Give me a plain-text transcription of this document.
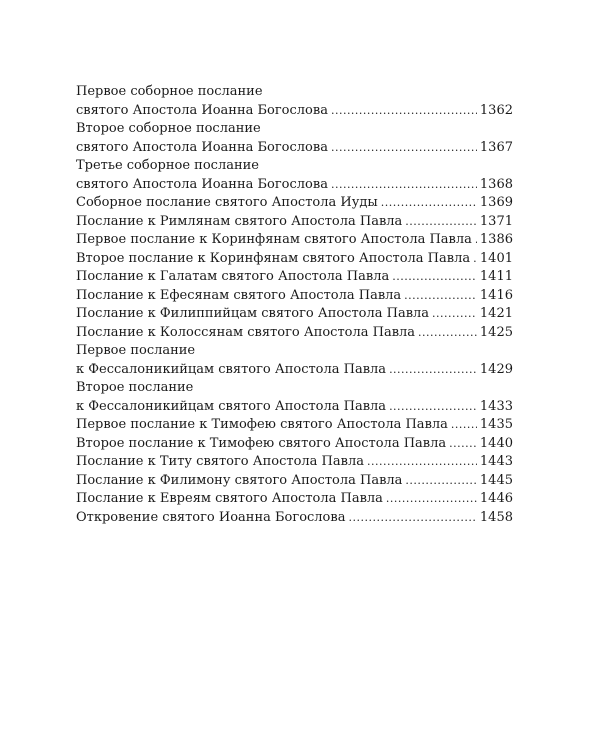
Первое соборное послание
святого Апостола Иоанна Богослова .....	1362
Второе соборное послание
святого Апостола Иоанна Богослова .....	1367
Третье соборное послание
святого Апостола Иоанна Богослова .....	1368
Соборное послание святого Апостола Иуды .....	1369
Послание к Римлянам святого Апостола Павла .....	1371
Первое послание к Коринфянам святого Апостола Павла ..... 1386
Второе послание к Коринфянам святого Апостола Павла ..... 1401
Послание к Галатам святого Апостола Павла .....	1411
Послание к Ефесянам святого Апостола Павла .....	1416
Послание к Филиппийцам святого Апостола Павла .....	1421
Послание к Колоссянам святого Апостола Павла .....	1425
Первое послание
к Фессалоникийцам святого Апостола Павла .....	1429
Второе послание
к Фессалоникийцам святого Апостола Павла .....	1433
Первое послание к Тимофею святого Апостола Павла ..... 1435
Второе послание к Тимофею святого Апостола Павла .....	1440
Послание к Титу святого Апостола Павла .....	1443
Послание к Филимону святого Апостола Павла .....	1445
Послание к Евреям святого Апостола Павла .....	1446
Откровение святого Иоанна Богослова .....	1458
